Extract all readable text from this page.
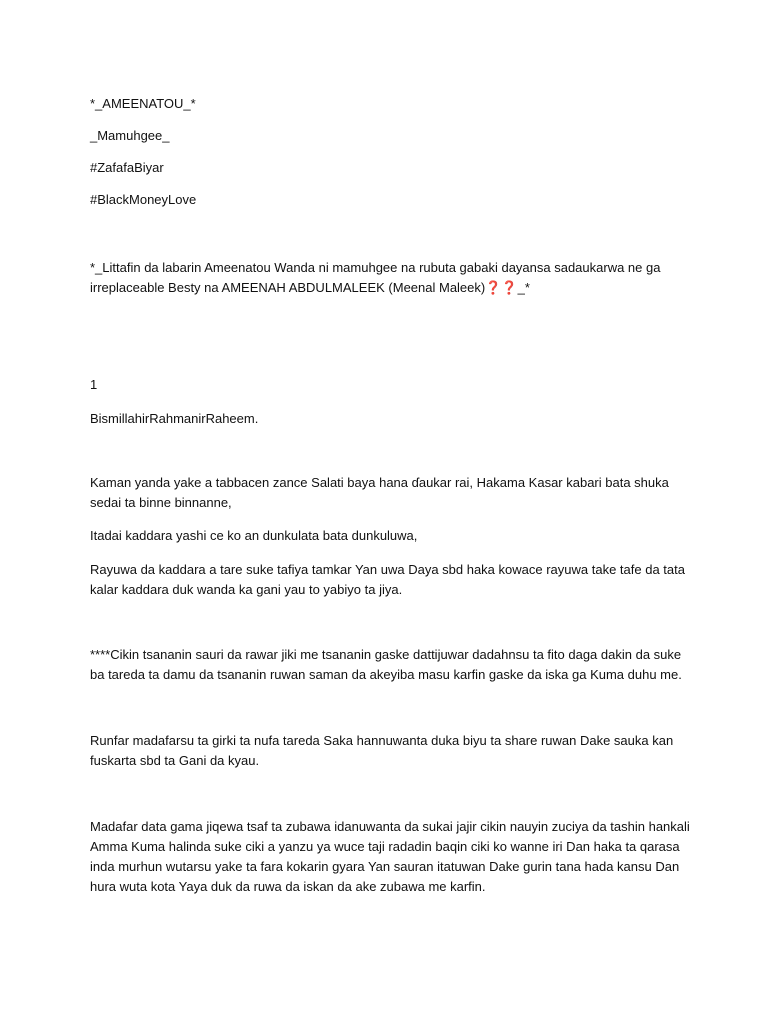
*_AMEENATOU_*

_Mamuhgee_

#ZafafaBiyar

#BlackMoneyLove

*_Littafin da labarin Ameenatou Wanda ni mamuhgee na rubuta gabaki dayansa sadaukarwa ne ga irreplaceable Besty na AMEENAH ABDULMALEEK (Meenal Maleek)❓❓_*

1

BismillahirRahmanirRaheem.

Kaman yanda yake a tabbacen zance Salati baya hana ɗaukar rai, Hakama Kasar kabari bata shuka sedai ta binne binnanne,

Itadai kaddara yashi ce ko an dunkulata bata dunkuluwa,

Rayuwa da kaddara a tare suke tafiya tamkar Yan uwa Daya sbd haka kowace rayuwa take tafe da tata kalar kaddara duk wanda ka gani yau to yabiyo ta jiya.

****Cikin tsananin sauri da rawar jiki me tsananin gaske dattijuwar dadahnsu ta fito daga dakin da suke ba tareda ta damu da tsananin ruwan saman da akeyiba masu karfin gaske da iska ga Kuma duhu me.

Runfar madafarsu ta girki ta nufa tareda Saka hannuwanta duka biyu ta share ruwan Dake sauka kan fuskarta sbd ta Gani da kyau.

Madafar data gama jiqewa tsaf ta zubawa idanuwanta da sukai jajir cikin nauyin zuciya da tashin hankali Amma Kuma halinda suke ciki a yanzu ya wuce taji radadin baqin ciki ko wanne iri Dan haka ta qarasa inda murhun wutarsu yake ta fara kokarin gyara Yan sauran itatuwan Dake gurin tana hada kansu Dan hura wuta kota Yaya duk da ruwa da iskan da ake zubawa me karfin.
